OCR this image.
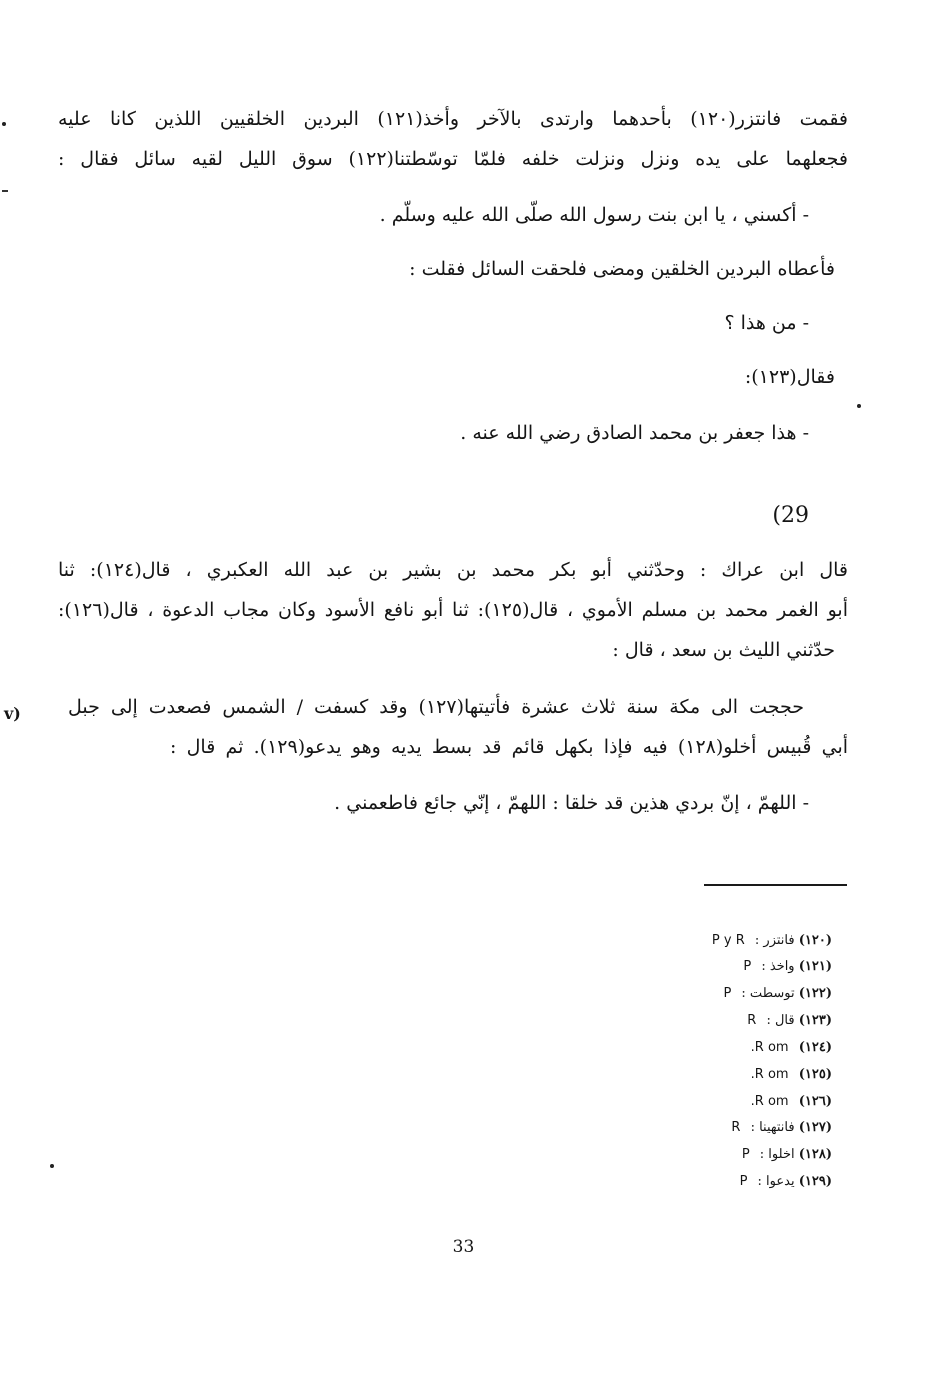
فقمت فانتزر(١٢٠) بأحدهما وارتدى بالآخر وأخذ(١٢١) البردين الخلقيين اللذين كانا عليه
فجعلهما على يده ونزل ونزلت خلفه فلمّا توسّطتنا(١٢٢) سوق الليل لقيه سائل فقال :
- أكسني ، يا ابن بنت رسول الله صلّى الله عليه وسلّم .
فأعطاه البردين الخلقين ومضى فلحقت السائل فقلت :
- من هذا ؟
فقال(١٢٣):
- هذا جعفر بن محمد الصادق رضي الله عنه .
(29
قال ابن عراك : وحدّثني أبو بكر محمد بن بشير بن عبد الله العكبري ، قال(١٢٤): ثنا
أبو الغمر محمد بن مسلم الأموي ، قال(١٢٥): ثنا أبو نافع الأسود وكان مجاب الدعوة ، قال(١٢٦):
حدّثني الليث بن سعد ، قال :
حججت الى مكة سنة ثلاث عشرة فأتيتها(١٢٧) وقد كسفت / الشمس فصعدت إلى جبل
أبي قُبيس أخلو(١٢٨) فيه فإذا بكهل قائم قد بسط يديه وهو يدعو(١٢٩). ثم قال :
- اللهمّ ، إنّ بردي هذين قد خلقا : اللهمّ ، إنّي جائع فاطعمني .
v)
(١٢٠) فانتزر : P y R
(١٢١) واخذ : P
(١٢٢) توسطت : P
(١٢٣) قال : R
(١٢٤) R om.
(١٢٥) R om.
(١٢٦) R om.
(١٢٧) فانتهينا : R
(١٢٨) اخلوا : P
(١٢٩) يدعوا : P
33
